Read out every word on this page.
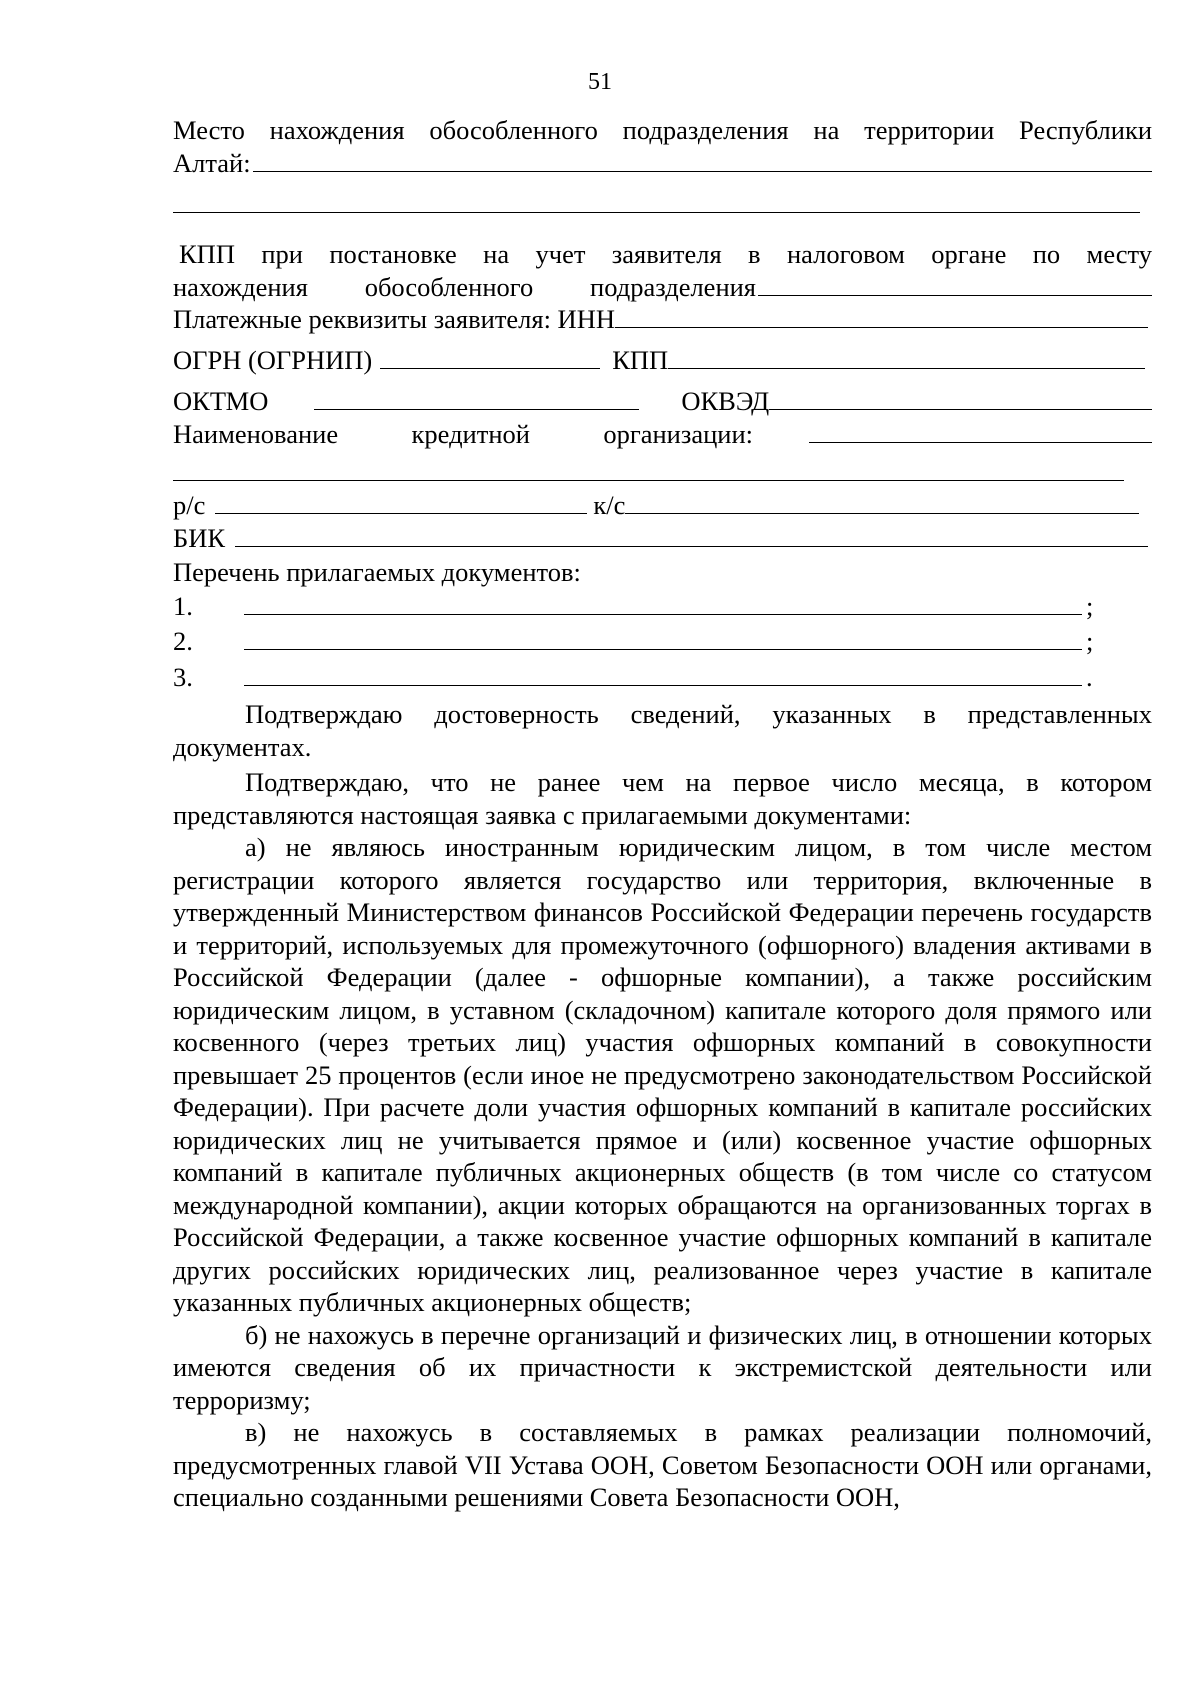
51

Место нахождения обособленного подразделения на территории Республики

Алтай:

КПП при постановке на учет заявителя в налоговом органе по месту

нахождения обособленного подразделения
Платежные реквизиты заявителя: ИНН
ОГРН (ОГРНИП)	КПП
ОКТМО	ОКВЭД
Наименование кредитной организации:
р/с	к/с
БИК

Перечень прилагаемых документов:

1.	;
2.	;
3.	.

Подтверждаю достоверность сведений, указанных в представленных документах.

Подтверждаю, что не ранее чем на первое число месяца, в котором представляются настоящая заявка с прилагаемыми документами:

а) не являюсь иностранным юридическим лицом, в том числе местом регистрации которого является государство или территория, включенные в утвержденный Министерством финансов Российской Федерации перечень государств и территорий, используемых для промежуточного (офшорного) владения активами в Российской Федерации (далее - офшорные компании), а также российским юридическим лицом, в уставном (складочном) капитале которого доля прямого или косвенного (через третьих лиц) участия офшорных компаний в совокупности превышает 25 процентов (если иное не предусмотрено законодательством Российской Федерации). При расчете доли участия офшорных компаний в капитале российских юридических лиц не учитывается прямое и (или) косвенное участие офшорных компаний в капитале публичных акционерных обществ (в том числе со статусом международной компании), акции которых обращаются на организованных торгах в Российской Федерации, а также косвенное участие офшорных компаний в капитале других российских юридических лиц, реализованное через участие в капитале указанных публичных акционерных обществ;

б) не нахожусь в перечне организаций и физических лиц, в отношении которых имеются сведения об их причастности к экстремистской деятельности или терроризму;

в) не нахожусь в составляемых в рамках реализации полномочий, предусмотренных главой VII Устава ООН, Советом Безопасности ООН или органами, специально созданными решениями Совета Безопасности ООН,
